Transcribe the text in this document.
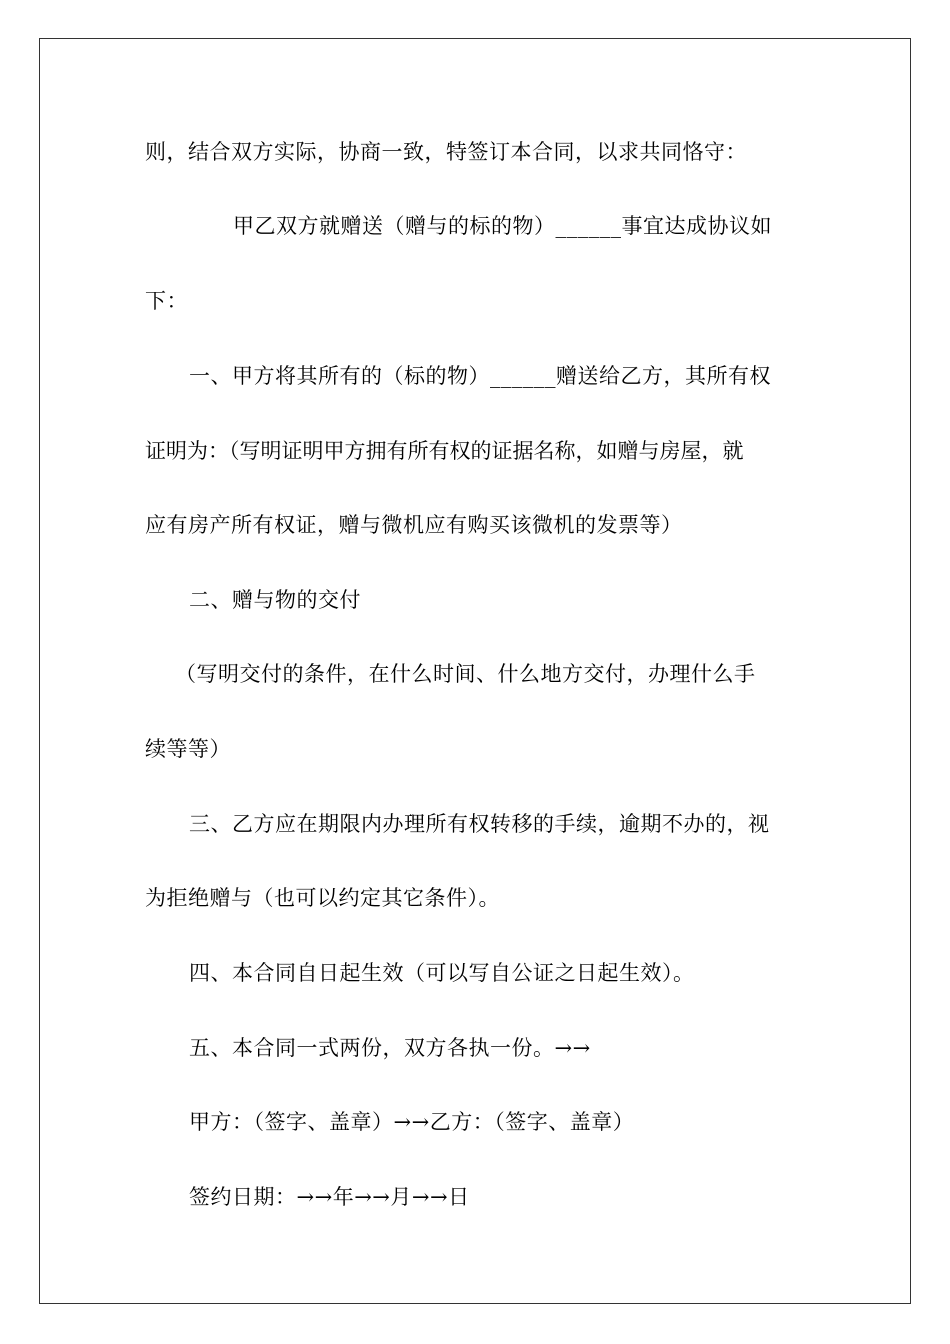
则，结合双方实际，协商一致，特签订本合同，以求共同恪守：
甲乙双方就赠送（赠与的标的物）______事宜达成协议如
下：
一、甲方将其所有的（标的物）______赠送给乙方，其所有权
证明为：（写明证明甲方拥有所有权的证据名称，如赠与房屋，就
应有房产所有权证，赠与微机应有购买该微机的发票等）
二、赠与物的交付
（写明交付的条件，在什么时间、什么地方交付，办理什么手
续等等）
三、乙方应在期限内办理所有权转移的手续，逾期不办的，视
为拒绝赠与（也可以约定其它条件）。
四、本合同自日起生效（可以写自公证之日起生效）。
五、本合同一式两份，双方各执一份。→→
甲方：（签字、盖章）→→乙方：（签字、盖章）
签约日期：→→年→→月→→日
